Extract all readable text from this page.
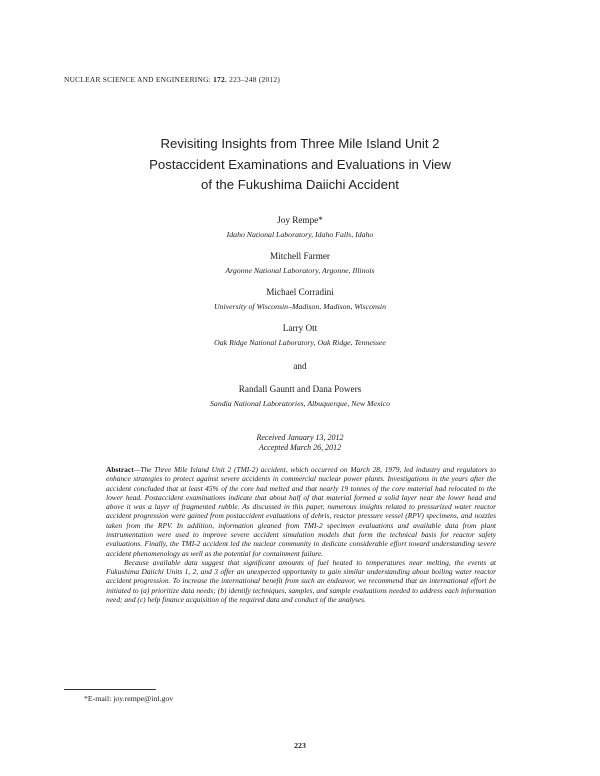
NUCLEAR SCIENCE AND ENGINEERING: 172, 223–248 (2012)
Revisiting Insights from Three Mile Island Unit 2
Postaccident Examinations and Evaluations in View
of the Fukushima Daiichi Accident
Joy Rempe*
Idaho National Laboratory, Idaho Falls, Idaho
Mitchell Farmer
Argonne National Laboratory, Argonne, Illinois
Michael Corradini
University of Wisconsin–Madison, Madison, Wisconsin
Larry Ott
Oak Ridge National Laboratory, Oak Ridge, Tennessee
and
Randall Gauntt and Dana Powers
Sandia National Laboratories, Albuquerque, New Mexico
Received January 13, 2012
Accepted March 26, 2012

Abstract—The Three Mile Island Unit 2 (TMI-2) accident, which occurred on March 28, 1979, led industry and regulators to enhance strategies to protect against severe accidents in commercial nuclear power plants. Investigations in the years after the accident concluded that at least 45% of the core had melted and that nearly 19 tonnes of the core material had relocated to the lower head. Postaccident examinations indicate that about half of that material formed a solid layer near the lower head and above it was a layer of fragmented rubble. As discussed in this paper, numerous insights related to pressurized water reactor accident progression were gained from postaccident evaluations of debris, reactor pressure vessel (RPV) specimens, and nozzles taken from the RPV. In addition, information gleaned from TMI-2 specimen evaluations and available data from plant instrumentation were used to improve severe accident simulation models that form the technical basis for reactor safety evaluations. Finally, the TMI-2 accident led the nuclear community to dedicate considerable effort toward understanding severe accident phenomenology as well as the potential for containment failure.

Because available data suggest that significant amounts of fuel heated to temperatures near melting, the events at Fukushima Daiichi Units 1, 2, and 3 offer an unexpected opportunity to gain similar understanding about boiling water reactor accident progression. To increase the international benefit from such an endeavor, we recommend that an international effort be initiated to (a) prioritize data needs; (b) identify techniques, samples, and sample evaluations needed to address each information need; and (c) help finance acquisition of the required data and conduct of the analyses.

*E-mail: joy.rempe@inl.gov
223
